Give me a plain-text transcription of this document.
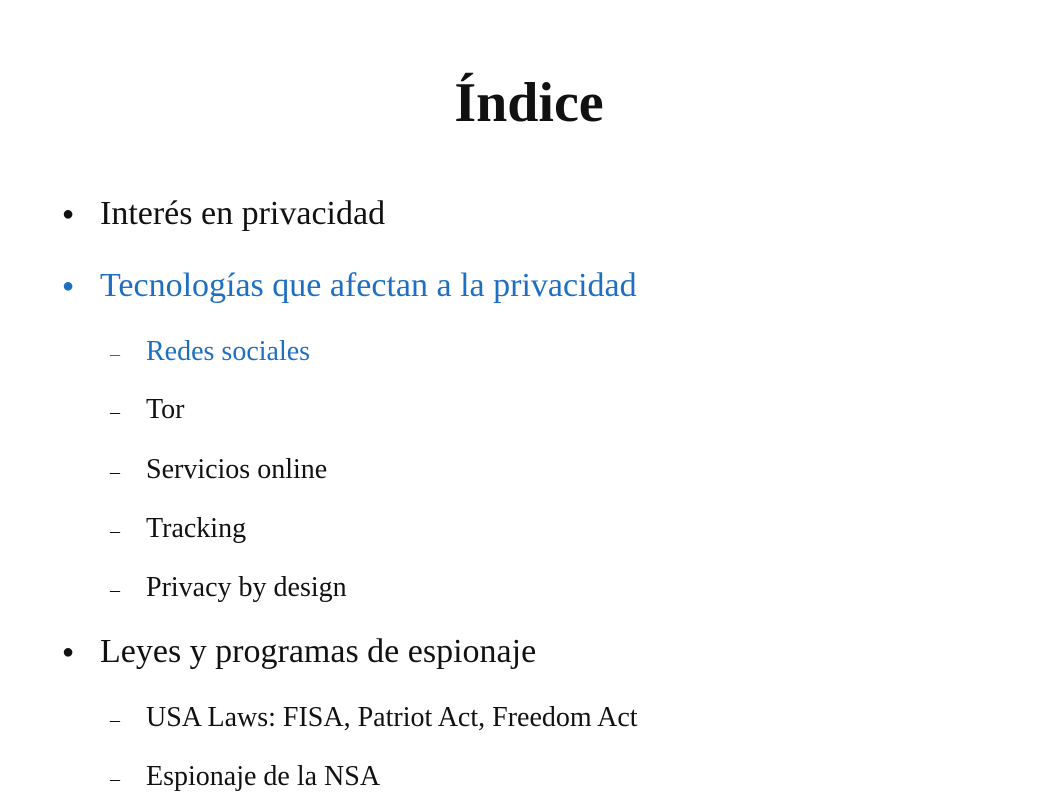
Índice
● Interés en privacidad
● Tecnologías que afectan a la privacidad
– Redes sociales
– Tor
– Servicios online
– Tracking
– Privacy by design
● Leyes y programas de espionaje
– USA Laws: FISA, Patriot Act, Freedom Act
– Espionaje de la NSA
